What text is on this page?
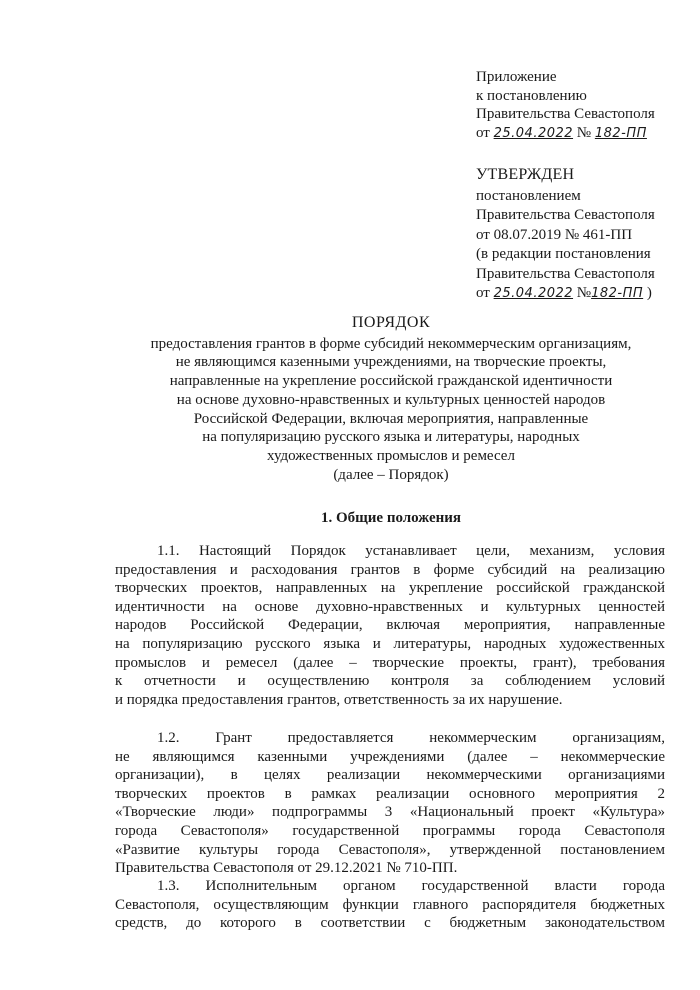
Приложение
к постановлению
Правительства Севастополя
от 25.04.2022 № 182-ПП
УТВЕРЖДЕН
постановлением
Правительства Севастополя
от 08.07.2019 № 461-ПП
(в редакции постановления
Правительства Севастополя
от 25.04.2022 №182-ПП )
ПОРЯДОК
предоставления грантов в форме субсидий некоммерческим организациям,
не являющимся казенными учреждениями, на творческие проекты,
направленные на укрепление российской гражданской идентичности
на основе духовно-нравственных и культурных ценностей народов
Российской Федерации, включая мероприятия, направленные
на популяризацию русского языка и литературы, народных
художественных промыслов и ремесел
(далее – Порядок)
1. Общие положения
1.1. Настоящий Порядок устанавливает цели, механизм, условия
предоставления и расходования грантов в форме субсидий на реализацию
творческих проектов, направленных на укрепление российской гражданской
идентичности на основе духовно-нравственных и культурных ценностей
народов Российской Федерации, включая мероприятия, направленные
на популяризацию русского языка и литературы, народных художественных
промыслов и ремесел (далее – творческие проекты, грант), требования
к отчетности и осуществлению контроля за соблюдением условий
и порядка предоставления грантов, ответственность за их нарушение.
1.2. Грант предоставляется некоммерческим организациям,
не являющимся казенными учреждениями (далее – некоммерческие
организации), в целях реализации некоммерческими организациями
творческих проектов в рамках реализации основного мероприятия 2
«Творческие люди» подпрограммы 3 «Национальный проект «Культура»
города Севастополя» государственной программы города Севастополя
«Развитие культуры города Севастополя», утвержденной постановлением
Правительства Севастополя от 29.12.2021 № 710-ПП.
1.3. Исполнительным органом государственной власти города
Севастополя, осуществляющим функции главного распорядителя бюджетных
средств, до которого в соответствии с бюджетным законодательством
